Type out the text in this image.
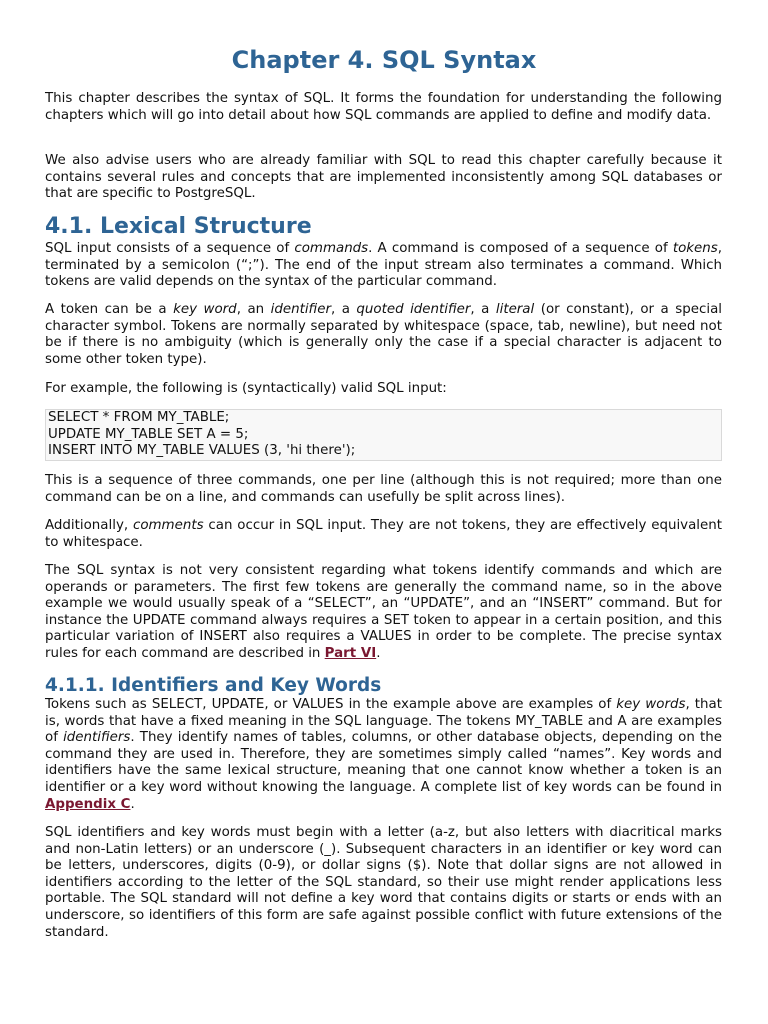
Chapter 4. SQL Syntax

This chapter describes the syntax of SQL. It forms the foundation for understanding the following chapters which will go into detail about how SQL commands are applied to define and modify data.

We also advise users who are already familiar with SQL to read this chapter carefully because it contains several rules and concepts that are implemented inconsistently among SQL databases or that are specific to PostgreSQL.

4.1. Lexical Structure

SQL input consists of a sequence of commands. A command is composed of a sequence of tokens, terminated by a semicolon (“;”). The end of the input stream also terminates a command. Which tokens are valid depends on the syntax of the particular command.

A token can be a key word, an identifier, a quoted identifier, a literal (or constant), or a special character symbol. Tokens are normally separated by whitespace (space, tab, newline), but need not be if there is no ambiguity (which is generally only the case if a special character is adjacent to some other token type).

For example, the following is (syntactically) valid SQL input:

SELECT * FROM MY_TABLE;
UPDATE MY_TABLE SET A = 5;
INSERT INTO MY_TABLE VALUES (3, 'hi there');

This is a sequence of three commands, one per line (although this is not required; more than one command can be on a line, and commands can usefully be split across lines).

Additionally, comments can occur in SQL input. They are not tokens, they are effectively equivalent to whitespace.

The SQL syntax is not very consistent regarding what tokens identify commands and which are operands or parameters. The first few tokens are generally the command name, so in the above example we would usually speak of a “SELECT”, an “UPDATE”, and an “INSERT” command. But for instance the UPDATE command always requires a SET token to appear in a certain position, and this particular variation of INSERT also requires a VALUES in order to be complete. The precise syntax rules for each command are described in Part VI.

4.1.1. Identifiers and Key Words

Tokens such as SELECT, UPDATE, or VALUES in the example above are examples of key words, that is, words that have a fixed meaning in the SQL language. The tokens MY_TABLE and A are examples of identifiers. They identify names of tables, columns, or other database objects, depending on the command they are used in. Therefore, they are sometimes simply called “names”. Key words and identifiers have the same lexical structure, meaning that one cannot know whether a token is an identifier or a key word without knowing the language. A complete list of key words can be found in Appendix C.

SQL identifiers and key words must begin with a letter (a-z, but also letters with diacritical marks and non-Latin letters) or an underscore (_). Subsequent characters in an identifier or key word can be letters, underscores, digits (0-9), or dollar signs ($). Note that dollar signs are not allowed in identifiers according to the letter of the SQL standard, so their use might render applications less portable. The SQL standard will not define a key word that contains digits or starts or ends with an underscore, so identifiers of this form are safe against possible conflict with future extensions of the standard.
